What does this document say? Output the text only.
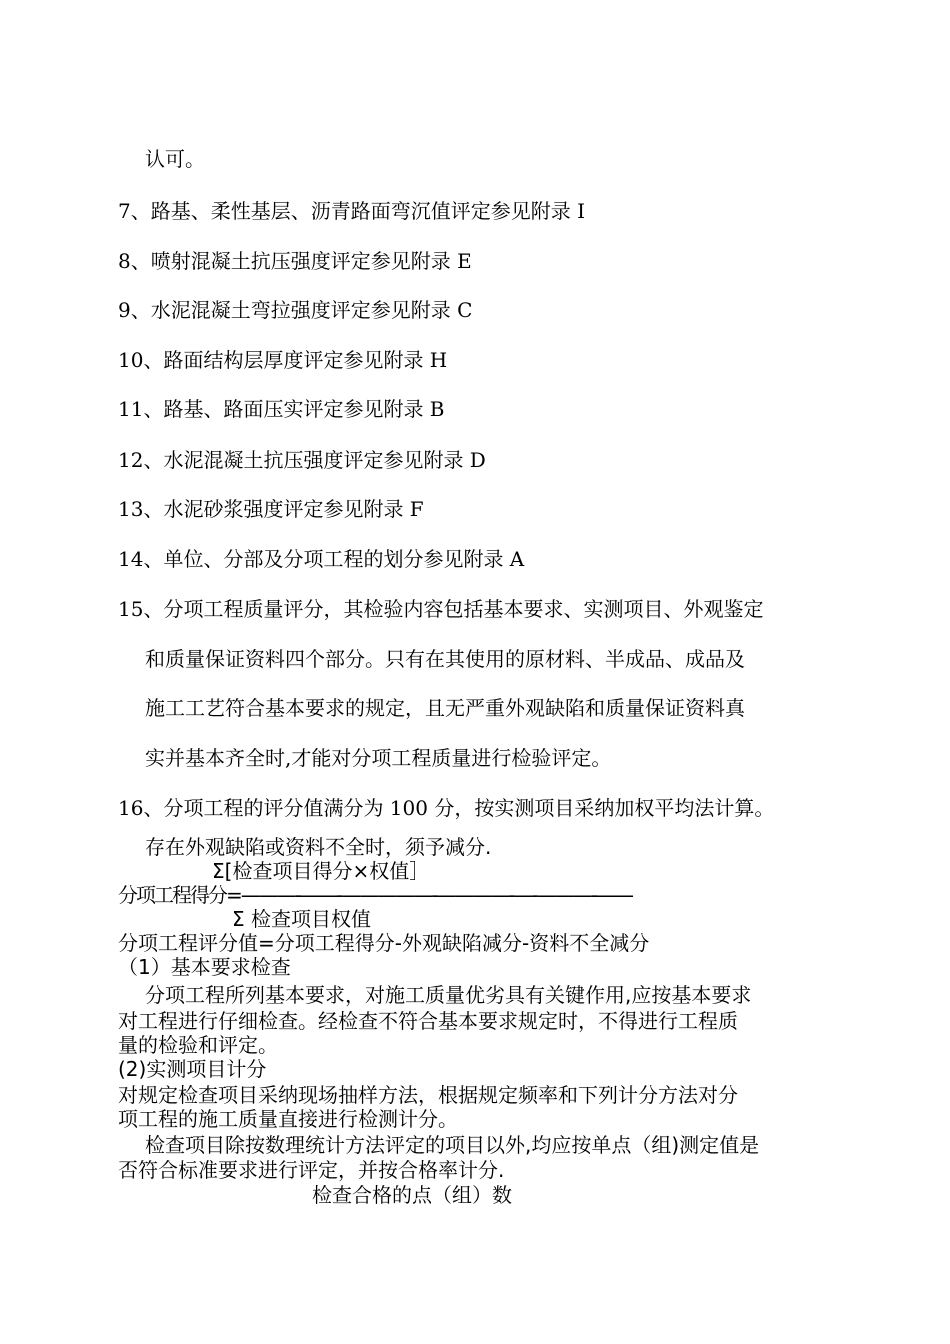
认可。

7、路基、柔性基层、沥青路面弯沉值评定参见附录 I

8、喷射混凝土抗压强度评定参见附录 E

9、水泥混凝土弯拉强度评定参见附录 C

10、路面结构层厚度评定参见附录 H

11、路基、路面压实评定参见附录 B

12、水泥混凝土抗压强度评定参见附录 D

13、水泥砂浆强度评定参见附录 F

14、单位、分部及分项工程的划分参见附录 A

15、分项工程质量评分，其检验内容包括基本要求、实测项目、外观鉴定

和质量保证资料四个部分。只有在其使用的原材料、半成品、成品及

施工工艺符合基本要求的规定，且无严重外观缺陷和质量保证资料真

实并基本齐全时,才能对分项工程质量进行检验评定。

16、分项工程的评分值满分为 100 分，按实测项目采纳加权平均法计算。

存在外观缺陷或资料不全时，须予减分.

Σ[检查项目得分×权值］

分项工程得分=———-——-—————-————-—-———-——

Σ 检查项目权值

分项工程评分值=分项工程得分-外观缺陷减分-资料不全减分

（1）基本要求检查

分项工程所列基本要求，对施工质量优劣具有关键作用,应按基本要求

对工程进行仔细检查。经检查不符合基本要求规定时，不得进行工程质

量的检验和评定。

(2)实测项目计分

对规定检查项目采纳现场抽样方法，根据规定频率和下列计分方法对分

项工程的施工质量直接进行检测计分。

检查项目除按数理统计方法评定的项目以外,均应按单点（组)测定值是

否符合标准要求进行评定，并按合格率计分.

检查合格的点（组）数
